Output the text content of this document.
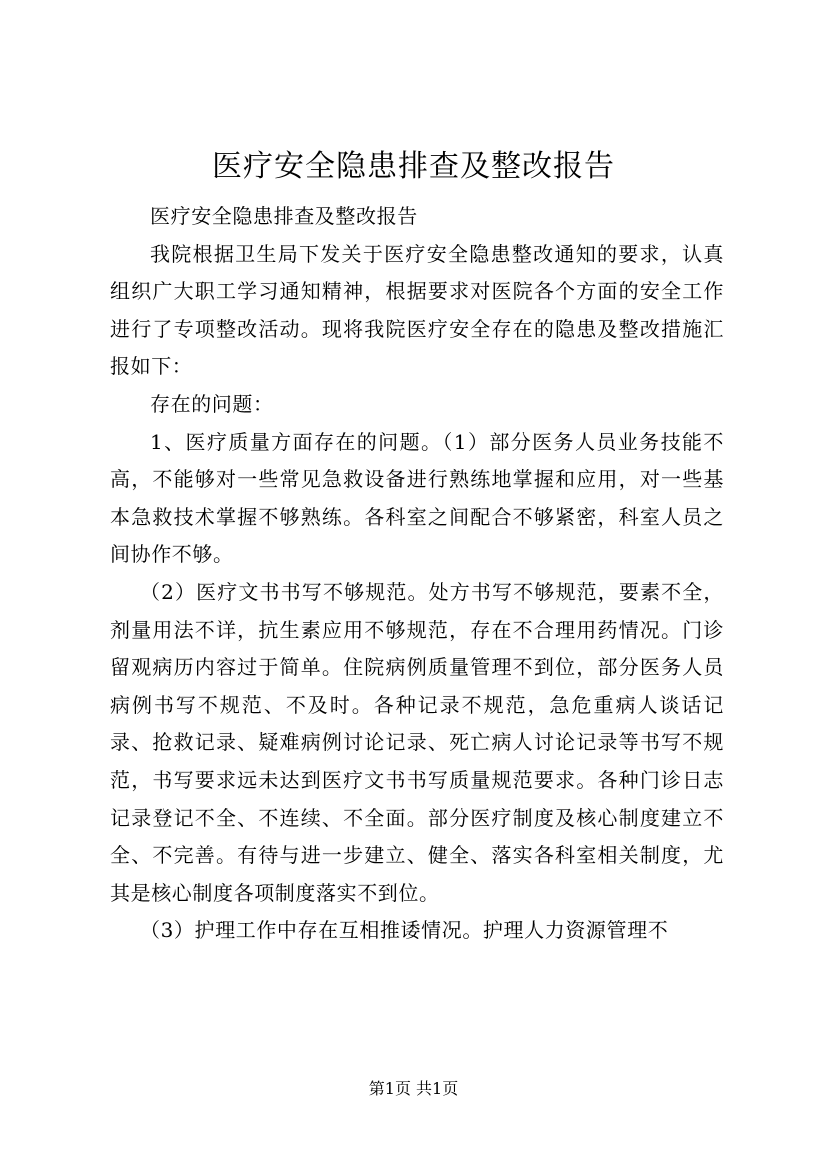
医疗安全隐患排查及整改报告

医疗安全隐患排查及整改报告

我院根据卫生局下发关于医疗安全隐患整改通知的要求，认真组织广大职工学习通知精神，根据要求对医院各个方面的安全工作进行了专项整改活动。现将我院医疗安全存在的隐患及整改措施汇报如下：

存在的问题：

1、医疗质量方面存在的问题。（1）部分医务人员业务技能不高，不能够对一些常见急救设备进行熟练地掌握和应用，对一些基本急救技术掌握不够熟练。各科室之间配合不够紧密，科室人员之间协作不够。

（2）医疗文书书写不够规范。处方书写不够规范，要素不全，剂量用法不详，抗生素应用不够规范，存在不合理用药情况。门诊留观病历内容过于简单。住院病例质量管理不到位，部分医务人员病例书写不规范、不及时。各种记录不规范，急危重病人谈话记录、抢救记录、疑难病例讨论记录、死亡病人讨论记录等书写不规范，书写要求远未达到医疗文书书写质量规范要求。各种门诊日志记录登记不全、不连续、不全面。部分医疗制度及核心制度建立不全、不完善。有待与进一步建立、健全、落实各科室相关制度，尤其是核心制度各项制度落实不到位。

（3）护理工作中存在互相推诿情况。护理人力资源管理不

第1页 共1页
